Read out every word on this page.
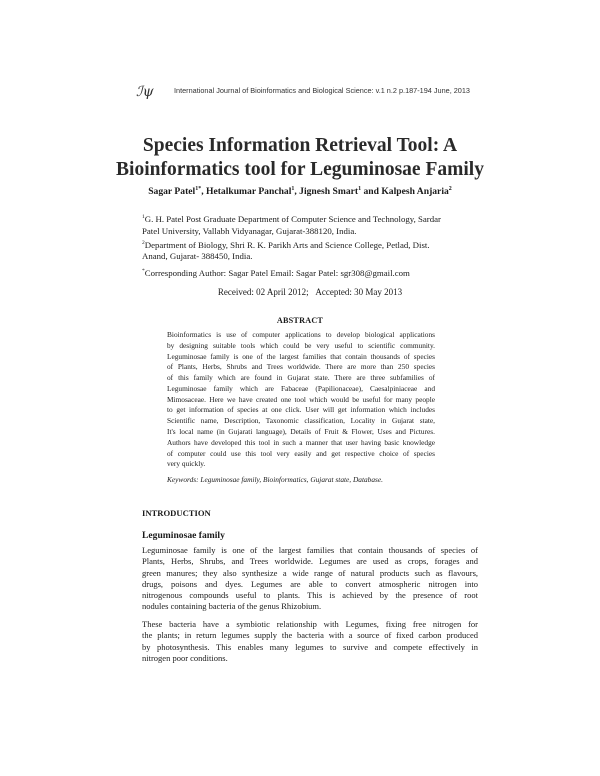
ℐψ	International Journal of Bioinformatics and Biological Science: v.1 n.2 p.187-194 June, 2013
Species Information Retrieval Tool: A
Bioinformatics tool for Leguminosae Family
Sagar Patel$^{1*}$, Hetalkumar Panchal$^1$, Jignesh Smart$^1$ and Kalpesh Anjaria$^2$

$^1$G. H. Patel Post Graduate Department of Computer Science and Technology, Sardar
Patel University, Vallabh Vidyanagar, Gujarat-388120, India.

$^2$Department of Biology, Shri R. K. Parikh Arts and Science College, Petlad, Dist.
Anand, Gujarat- 388450, India.

*Corresponding Author: Sagar Patel Email: Sagar Patel: sgr308@gmail.com
Received: 02 April 2012; Accepted: 30 May 2013
ABSTRACT
Bioinformatics is use of computer applications to develop biological applications
by designing suitable tools which could be very useful to scientific community.
Leguminosae family is one of the largest families that contain thousands of species
of Plants, Herbs, Shrubs and Trees worldwide. There are more than 250 species
of this family which are found in Gujarat state. There are three subfamilies of
Leguminosae family which are Fabaceae (Papilionaceae), Caesalpiniaceae and
Mimosaceae. Here we have created one tool which would be useful for many people
to get information of species at one click. User will get information which includes
Scientific name, Description, Taxonomic classification, Locality in Gujarat state,
It's local name (in Gujarati language), Details of Fruit & Flower, Uses and Pictures.
Authors have developed this tool in such a manner that user having basic knowledge
of computer could use this tool very easily and get respective choice of species
very quickly.
Keywords: Leguminosae family, Bioinformatics, Gujarat state, Database.
INTRODUCTION
Leguminosae family
Leguminosae family is one of the largest families that contain thousands of species of
Plants, Herbs, Shrubs, and Trees worldwide. Legumes are used as crops, forages and
green manures; they also synthesize a wide range of natural products such as flavours,
drugs, poisons and dyes. Legumes are able to convert atmospheric nitrogen into
nitrogenous compounds useful to plants. This is achieved by the presence of root
nodules containing bacteria of the genus Rhizobium.
These bacteria have a symbiotic relationship with Legumes, fixing free nitrogen for
the plants; in return legumes supply the bacteria with a source of fixed carbon produced
by photosynthesis. This enables many legumes to survive and compete effectively in
nitrogen poor conditions.
